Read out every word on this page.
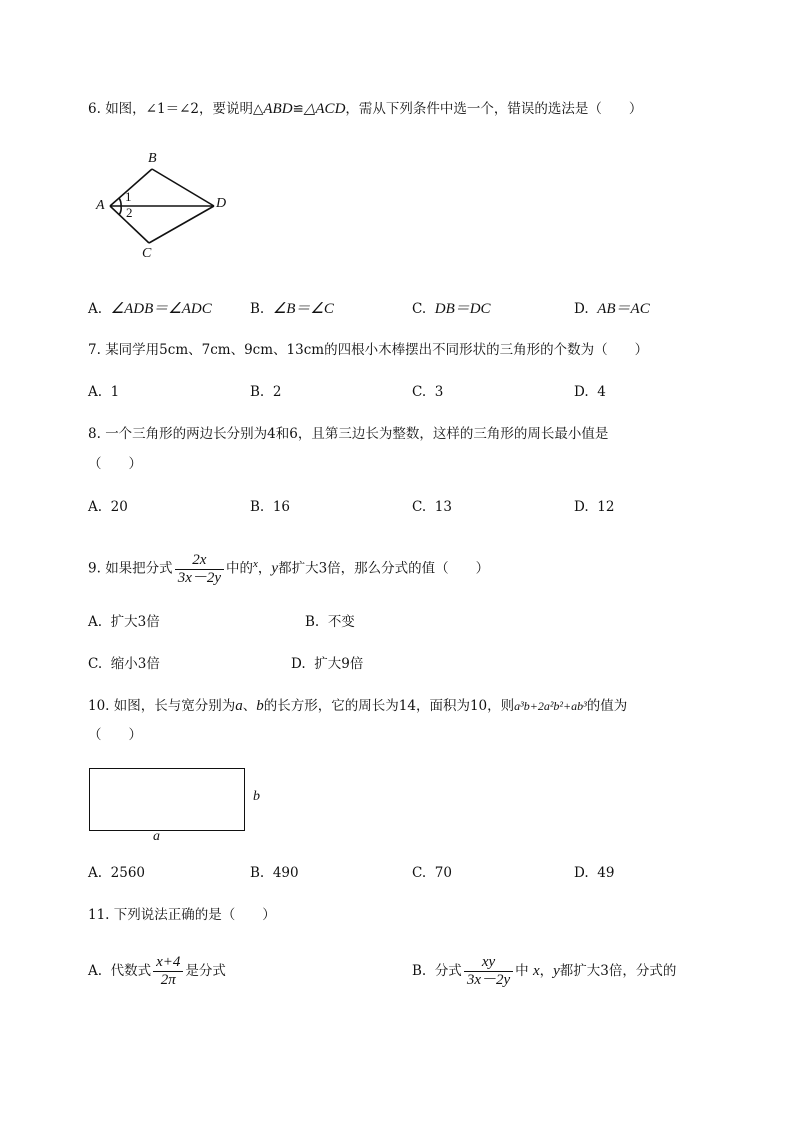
6. 如图，∠1＝∠2，要说明△ABD≌△ACD，需从下列条件中选一个，错误的选法是（　　）
B
A	D
C
1
2
A. ∠ADB＝∠ADC	B. ∠B＝∠C	C. DB＝DC	D. AB＝AC
7. 某同学用5cm、7cm、9cm、13cm的四根小木棒摆出不同形状的三角形的个数为（　　）
A. 1	B. 2	C. 3	D. 4
8. 一个三角形的两边长分别为4和6，且第三边长为整数，这样的三角形的周长最小值是
（　　）
A. 20	B. 16	C. 13	D. 12
9. 如果把分式 $\frac{2x}{3x-2y}$ 中的$^x$，y都扩大3倍，那么分式的值（　　）
A. 扩大3倍	B. 不变
C. 缩小3倍	D. 扩大9倍
10. 如图，长与宽分别为a、b的长方形，它的周长为14，面积为10，则a³b+2a²b²+ab³的值为
（　　）
b
a
A. 2560	B. 490	C. 70	D. 49
11. 下列说法正确的是（　　）
A. 代数式 $\frac{x+4}{2\pi}$ 是分式	B. 分式 $\frac{xy}{3x-2y}$ 中 x，y都扩大3倍，分式的
